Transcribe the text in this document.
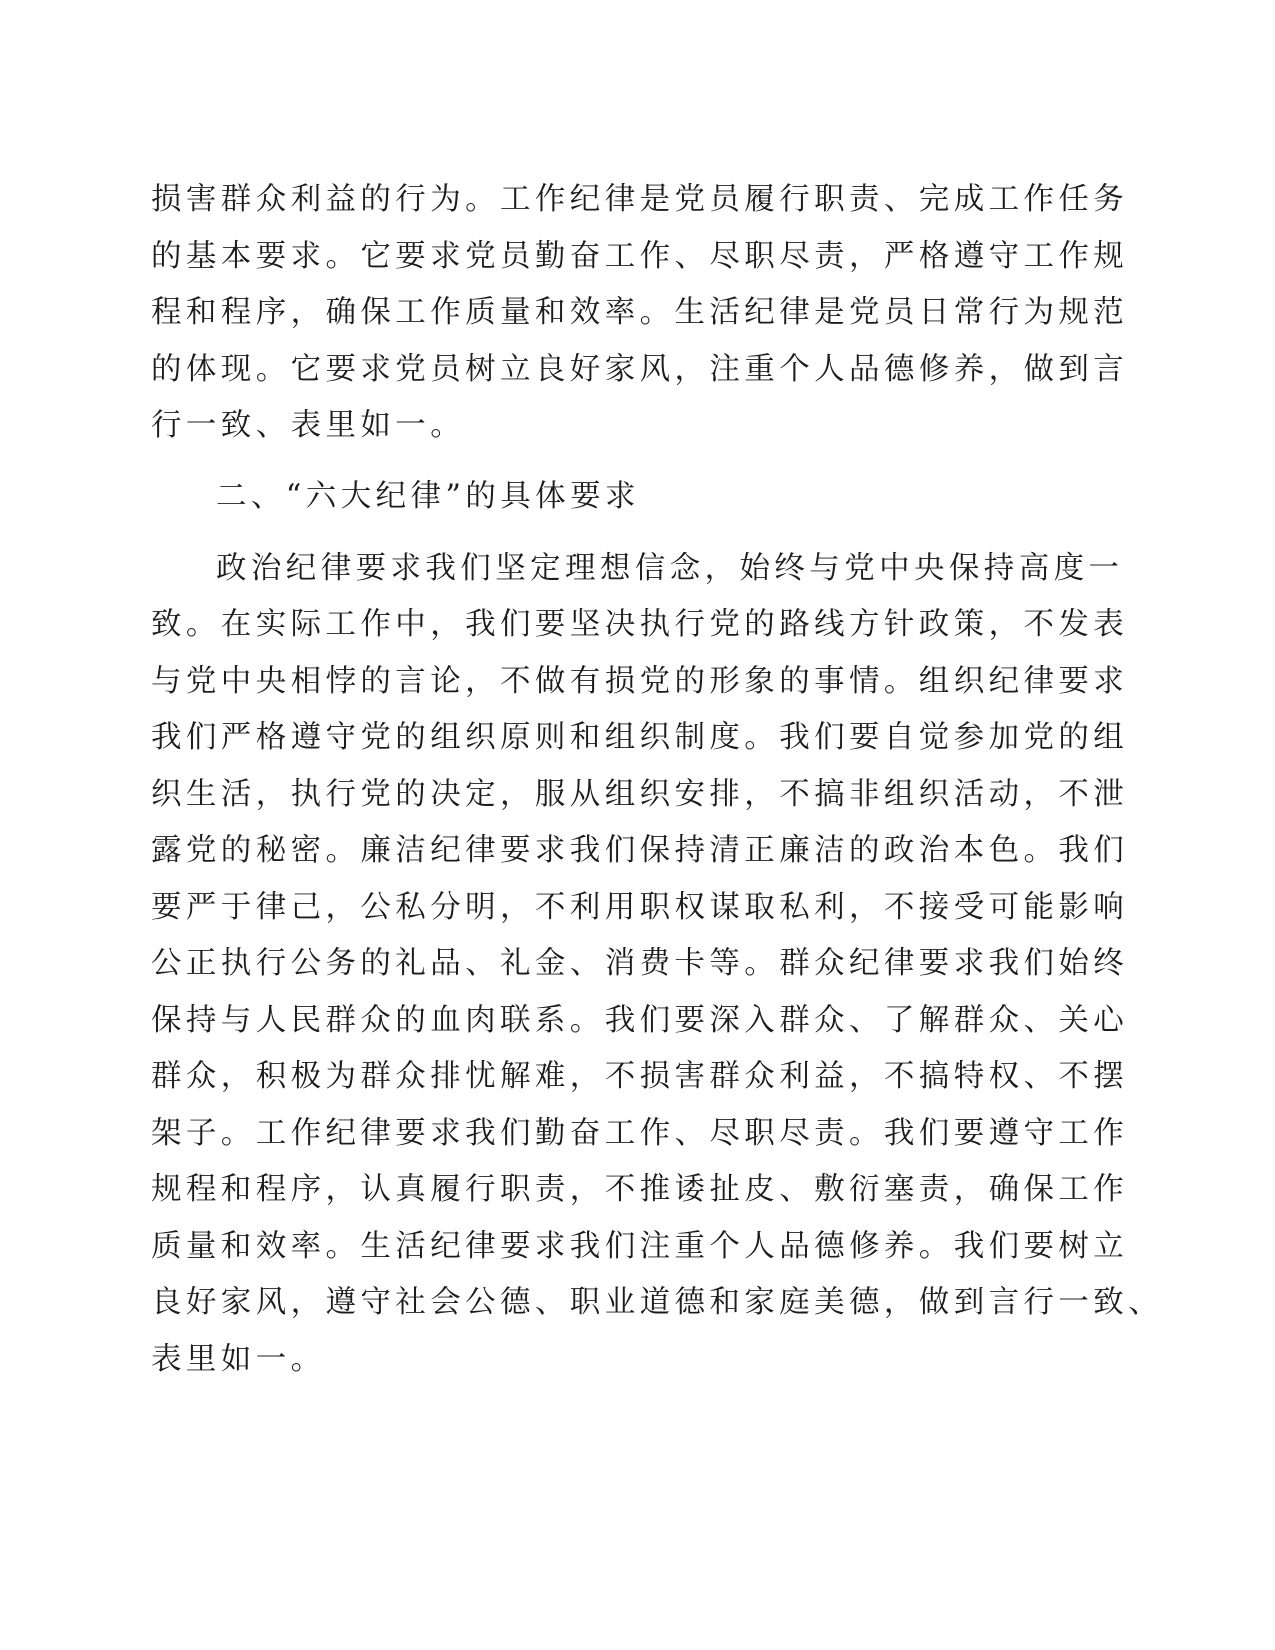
损害群众利益的行为。工作纪律是党员履行职责、完成工作任务

的基本要求。它要求党员勤奋工作、尽职尽责，严格遵守工作规

程和程序，确保工作质量和效率。生活纪律是党员日常行为规范

的体现。它要求党员树立良好家风，注重个人品德修养，做到言

行一致、表里如一。

二、“六大纪律”的具体要求

政治纪律要求我们坚定理想信念，始终与党中央保持高度一

致。在实际工作中，我们要坚决执行党的路线方针政策，不发表

与党中央相悖的言论，不做有损党的形象的事情。组织纪律要求

我们严格遵守党的组织原则和组织制度。我们要自觉参加党的组

织生活，执行党的决定，服从组织安排，不搞非组织活动，不泄

露党的秘密。廉洁纪律要求我们保持清正廉洁的政治本色。我们

要严于律己，公私分明，不利用职权谋取私利，不接受可能影响

公正执行公务的礼品、礼金、消费卡等。群众纪律要求我们始终

保持与人民群众的血肉联系。我们要深入群众、了解群众、关心

群众，积极为群众排忧解难，不损害群众利益，不搞特权、不摆

架子。工作纪律要求我们勤奋工作、尽职尽责。我们要遵守工作

规程和程序，认真履行职责，不推诿扯皮、敷衍塞责，确保工作

质量和效率。生活纪律要求我们注重个人品德修养。我们要树立

良好家风，遵守社会公德、职业道德和家庭美德，做到言行一致、

表里如一。
